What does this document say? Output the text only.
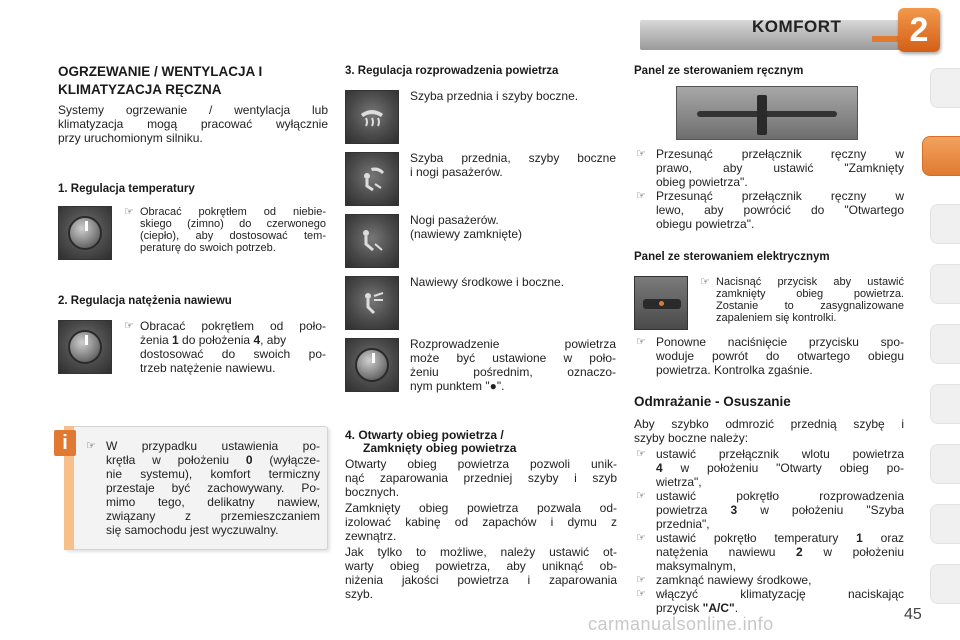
KOMFORT	2
OGRZEWANIE / WENTYLACJA I
KLIMATYZACJA RĘCZNA
Systemy ogrzewanie / wentylacja lub
klimatyzacja mogą pracować wyłącznie
przy uruchomionym silniku.
1. Regulacja temperatury
☞ Obracać pokrętłem od niebie-
skiego (zimno) do czerwonego
(ciepło), aby dostosować tem-
peraturę do swoich potrzeb.
2. Regulacja natężenia nawiewu
☞ Obracać pokrętłem od poło-
żenia 1 do położenia 4, aby
dostosować do swoich po-
trzeb natężenie nawiewu.
i	☞ W przypadku ustawienia po-
krętła w położeniu 0 (wyłącze-
nie systemu), komfort termiczny
przestaje być zachowywany. Po-
mimo tego, delikatny nawiew,
związany z przemieszczaniem
się samochodu jest wyczuwalny.
3. Regulacja rozprowadzenia powietrza
Szyba przednia i szyby boczne.
Szyba przednia, szyby boczne
i nogi pasażerów.
Nogi pasażerów.
(nawiewy zamknięte)
Nawiewy środkowe i boczne.
Rozprowadzenie powietrza
może być ustawione w poło-
żeniu pośrednim, oznaczo-
nym punktem "●".
4. Otwarty obieg powietrza /
Zamknięty obieg powietrza
Otwarty obieg powietrza pozwoli unik-
nąć zaparowania przedniej szyby i szyb
bocznych.
Zamknięty obieg powietrza pozwala od-
izolować kabinę od zapachów i dymu z
zewnątrz.
Jak tylko to możliwe, należy ustawić ot-
warty obieg powietrza, aby uniknąć ob-
niżenia jakości powietrza i zaparowania
szyb.
Panel ze sterowaniem ręcznym
☞ Przesunąć przełącznik ręczny w
prawo, aby ustawić "Zamknięty
obieg powietrza".
☞ Przesunąć przełącznik ręczny w
lewo, aby powrócić do "Otwartego
obiegu powietrza".
Panel ze sterowaniem elektrycznym
☞ Nacisnąć przycisk aby ustawić
zamknięty obieg powietrza.
Zostanie to zasygnalizowane
zapaleniem się kontrolki.
☞ Ponowne naciśnięcie przycisku spo-
woduje powrót do otwartego obiegu
powietrza. Kontrolka zgaśnie.
Odmrażanie - Osuszanie
Aby szybko odmrozić przednią szybę i
szyby boczne należy:
☞ ustawić przełącznik wlotu powietrza
4 w położeniu "Otwarty obieg po-
wietrza",
☞ ustawić pokrętło rozprowadzenia
powietrza 3 w położeniu "Szyba
przednia",
☞ ustawić pokrętło temperatury 1 oraz
natężenia nawiewu 2 w położeniu
maksymalnym,
☞ zamknąć nawiewy środkowe,
☞ włączyć klimatyzację naciskając
przycisk "A/C".
carmanualsonline.info	45
